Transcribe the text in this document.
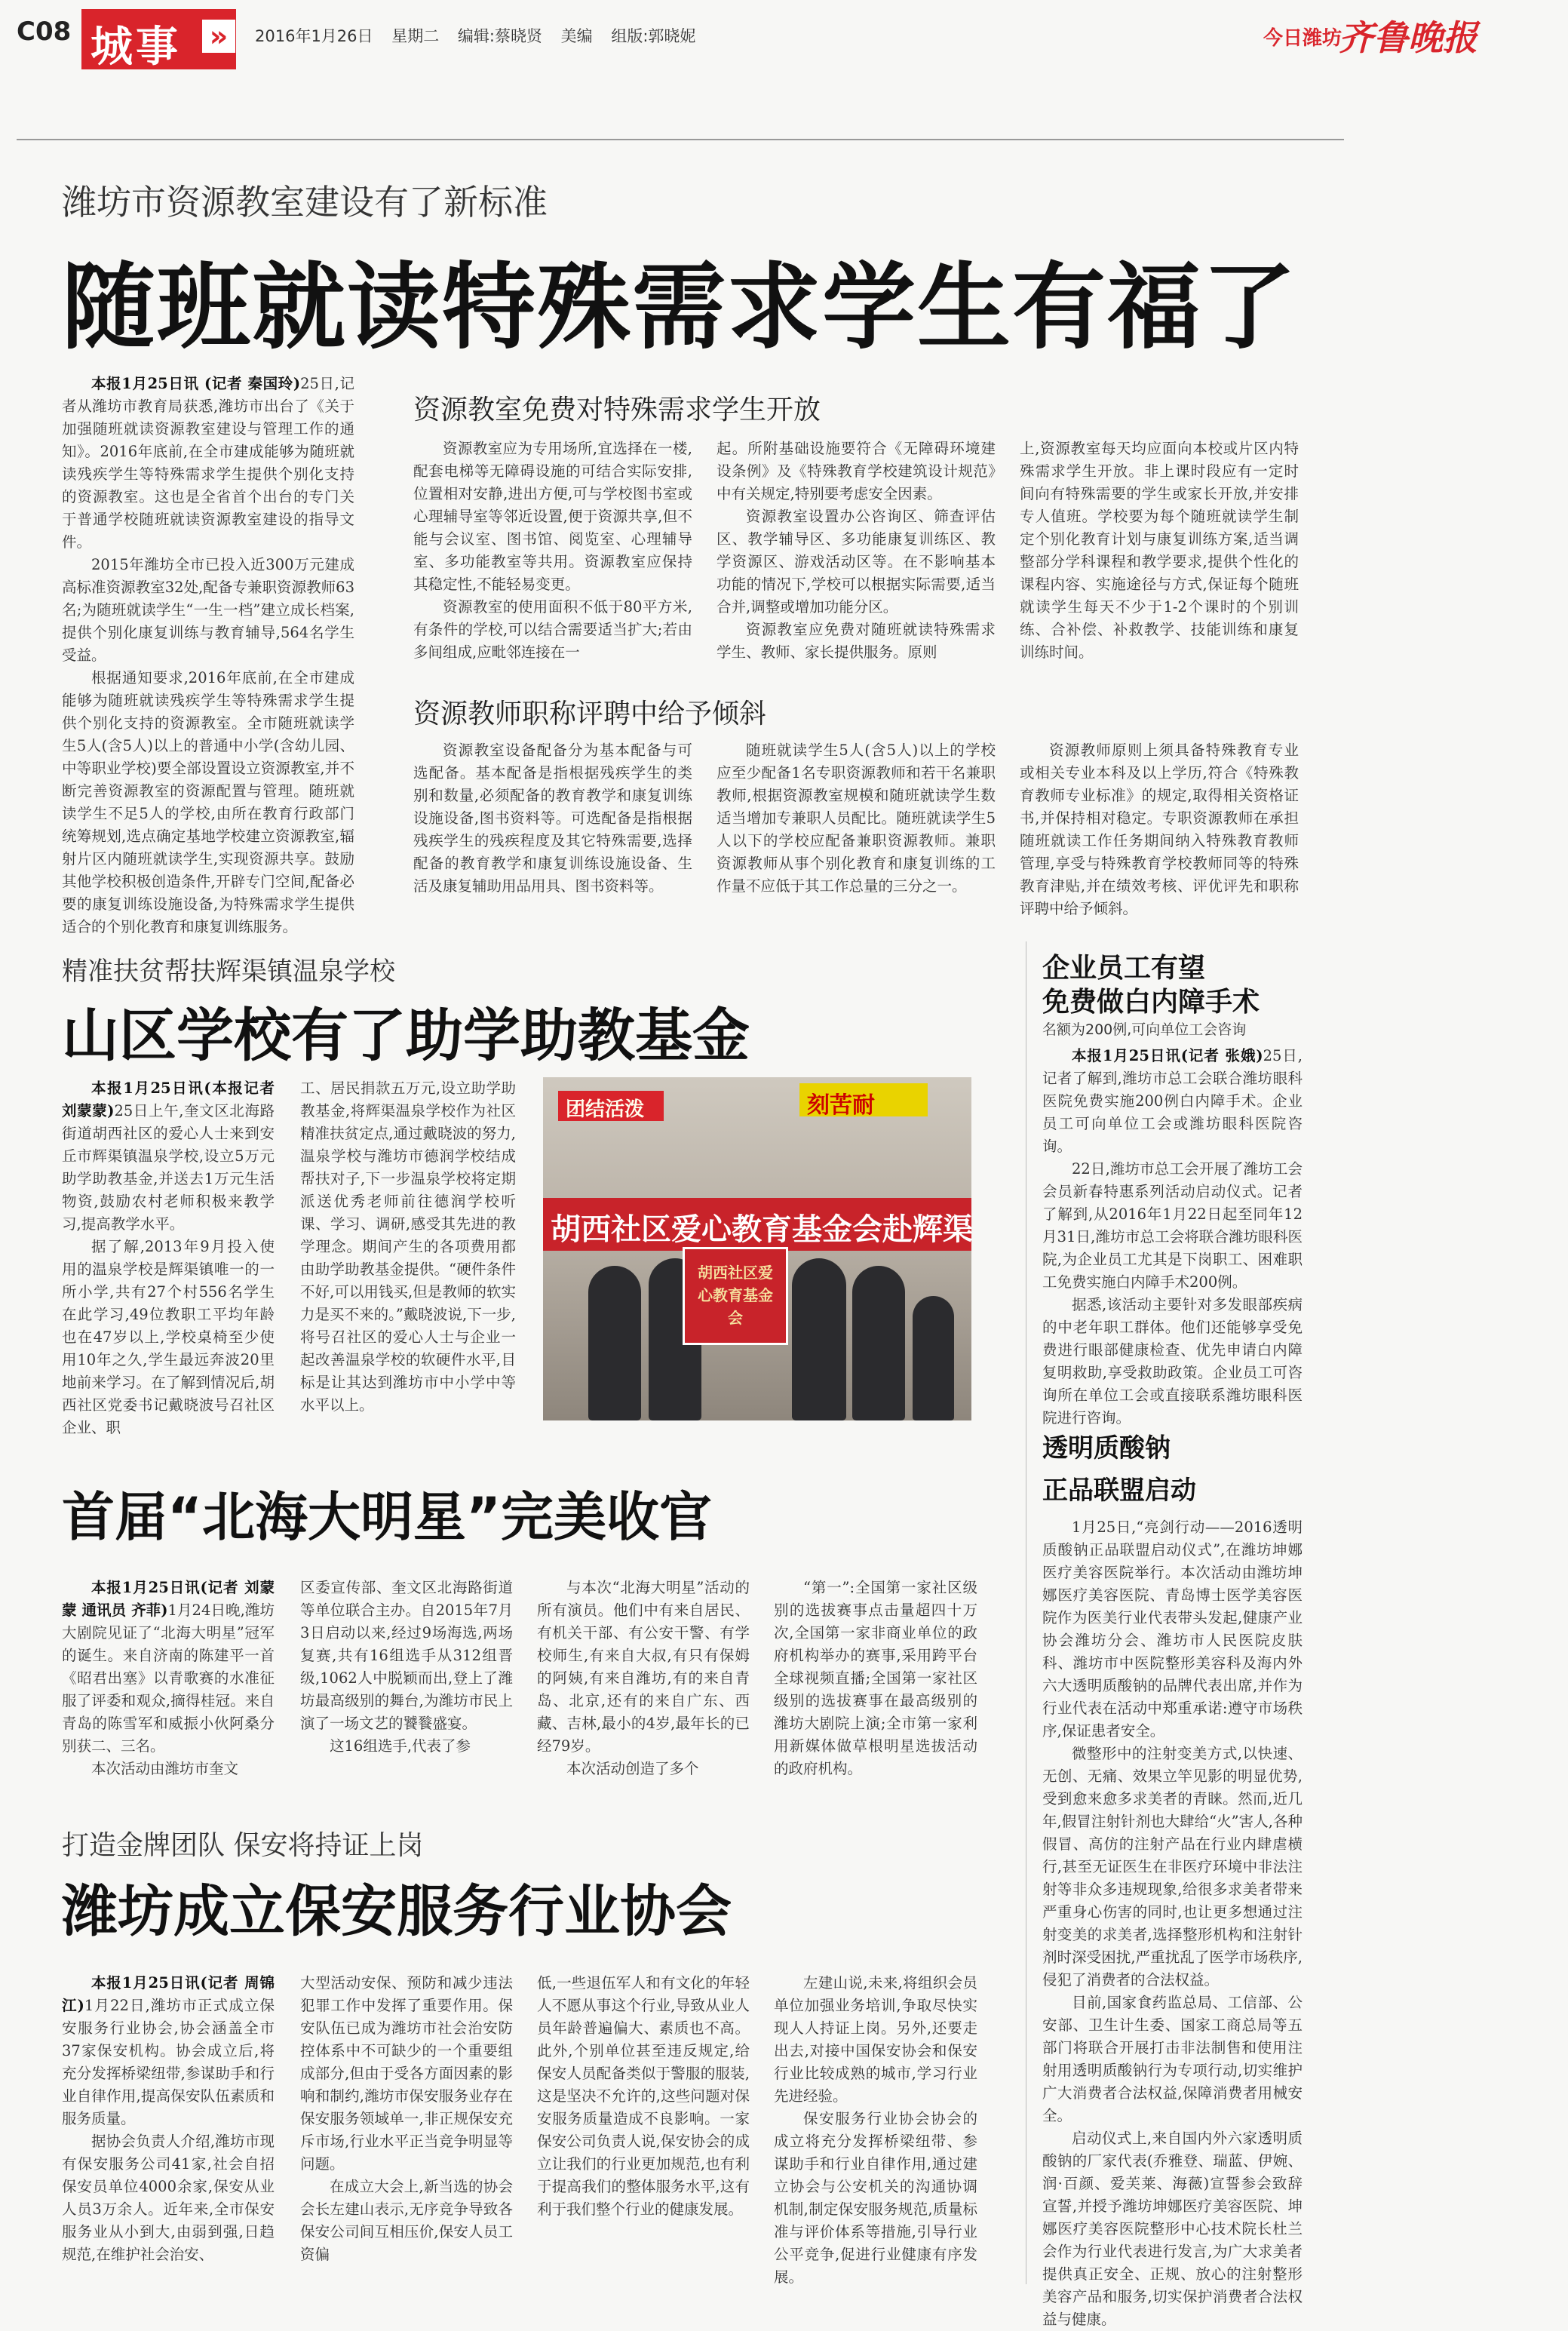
C08 城事 »	2016年1月26日 星期二 编辑:蔡晓贤 美编 组版:郭晓妮	今日潍坊
齐鲁晚报
潍坊市资源教室建设有了新标准
随班就读特殊需求学生有福了

本报1月25日讯 (记者 秦国玲)25日,记者从潍坊市教育局获悉,潍坊市出台了《关于加强随班就读资源教室建设与管理工作的通知》。2016年底前,在全市建成能够为随班就读残疾学生等特殊需求学生提供个别化支持的资源教室。这也是全省首个出台的专门关于普通学校随班就读资源教室建设的指导文件。

2015年潍坊全市已投入近300万元建成高标准资源教室32处,配备专兼职资源教师63名;为随班就读学生“一生一档”建立成长档案,提供个别化康复训练与教育辅导,564名学生受益。

根据通知要求,2016年底前,在全市建成能够为随班就读残疾学生等特殊需求学生提供个别化支持的资源教室。全市随班就读学生5人(含5人)以上的普通中小学(含幼儿园、中等职业学校)要全部设置设立资源教室,并不断完善资源教室的资源配置与管理。随班就读学生不足5人的学校,由所在教育行政部门统筹规划,选点确定基地学校建立资源教室,辐射片区内随班就读学生,实现资源共享。鼓励其他学校积极创造条件,开辟专门空间,配备必要的康复训练设施设备,为特殊需求学生提供适合的个别化教育和康复训练服务。

资源教室免费对特殊需求学生开放

资源教室应为专用场所,宜选择在一楼,配套电梯等无障碍设施的可结合实际安排,位置相对安静,进出方便,可与学校图书室或心理辅导室等邻近设置,便于资源共享,但不能与会议室、图书馆、阅览室、心理辅导室、多功能教室等共用。资源教室应保持其稳定性,不能轻易变更。

资源教室的使用面积不低于80平方米,有条件的学校,可以结合需要适当扩大;若由多间组成,应毗邻连接在一

起。所附基础设施要符合《无障碍环境建设条例》及《特殊教育学校建筑设计规范》中有关规定,特别要考虑安全因素。

资源教室设置办公咨询区、筛查评估区、教学辅导区、多功能康复训练区、教学资源区、游戏活动区等。在不影响基本功能的情况下,学校可以根据实际需要,适当合并,调整或增加功能分区。

资源教室应免费对随班就读特殊需求学生、教师、家长提供服务。原则

上,资源教室每天均应面向本校或片区内特殊需求学生开放。非上课时段应有一定时间向有特殊需要的学生或家长开放,并安排专人值班。学校要为每个随班就读学生制定个别化教育计划与康复训练方案,适当调整部分学科课程和教学要求,提供个性化的课程内容、实施途径与方式,保证每个随班就读学生每天不少于1-2个课时的个别训练、合补偿、补救教学、技能训练和康复训练时间。

资源教师职称评聘中给予倾斜

资源教室设备配备分为基本配备与可选配备。基本配备是指根据残疾学生的类别和数量,必须配备的教育教学和康复训练设施设备,图书资料等。可选配备是指根据残疾学生的残疾程度及其它特殊需要,选择配备的教育教学和康复训练设施设备、生活及康复辅助用品用具、图书资料等。

随班就读学生5人(含5人)以上的学校应至少配备1名专职资源教师和若干名兼职教师,根据资源教室规模和随班就读学生数适当增加专兼职人员配比。随班就读学生5人以下的学校应配备兼职资源教师。兼职资源教师从事个别化教育和康复训练的工作量不应低于其工作总量的三分之一。

资源教师原则上须具备特殊教育专业或相关专业本科及以上学历,符合《特殊教育教师专业标准》的规定,取得相关资格证书,并保持相对稳定。专职资源教师在承担随班就读工作任务期间纳入特殊教育教师管理,享受与特殊教育学校教师同等的特殊教育津贴,并在绩效考核、评优评先和职称评聘中给予倾斜。

精准扶贫帮扶辉渠镇温泉学校
山区学校有了助学助教基金

本报1月25日讯(本报记者 刘蒙蒙)25日上午,奎文区北海路街道胡西社区的爱心人士来到安丘市辉渠镇温泉学校,设立5万元助学助教基金,并送去1万元生活物资,鼓励农村老师积极来教学习,提高教学水平。

据了解,2013年9月投入使用的温泉学校是辉渠镇唯一的一所小学,共有27个村556名学生在此学习,49位教职工平均年龄也在47岁以上,学校桌椅至少使用10年之久,学生最远奔波20里地前来学习。在了解到情况后,胡西社区党委书记戴晓波号召社区企业、职

工、居民捐款五万元,设立助学助教基金,将辉渠温泉学校作为社区精准扶贫定点,通过戴晓波的努力,温泉学校与潍坊市德润学校结成帮扶对子,下一步温泉学校将定期派送优秀老师前往德润学校听课、学习、调研,感受其先进的教学理念。期间产生的各项费用都由助学助教基金提供。“硬件条件不好,可以用钱买,但是教师的软实力是买不来的。”戴晓波说,下一步,将号召社区的爱心人士与企业一起改善温泉学校的软硬件水平,目标是让其达到潍坊市中小学中等水平以上。

团结活泼	刻苦耐
胡西社区爱心教育基金会赴辉渠
胡西社区爱心教育基金会
首届“北海大明星”完美收官

本报1月25日讯(记者 刘蒙蒙 通讯员 齐菲)1月24日晚,潍坊大剧院见证了“北海大明星”冠军的诞生。来自济南的陈建平一首《昭君出塞》以青歌赛的水准征服了评委和观众,摘得桂冠。来自青岛的陈雪军和威振小伙阿桑分别获二、三名。

本次活动由潍坊市奎文

区委宣传部、奎文区北海路街道等单位联合主办。自2015年7月3日启动以来,经过9场海选,两场复赛,共有16组选手从312组晋级,1062人中脱颖而出,登上了潍坊最高级别的舞台,为潍坊市民上演了一场文艺的饕餮盛宴。

这16组选手,代表了参

与本次“北海大明星”活动的所有演员。他们中有来自居民、有机关干部、有公安干警、有学校师生,有来自大叔,有只有保姆的阿姨,有来自潍坊,有的来自青岛、北京,还有的来自广东、西藏、吉林,最小的4岁,最年长的已经79岁。

本次活动创造了多个

“第一”:全国第一家社区级别的选拔赛事点击量超四十万次,全国第一家非商业单位的政府机构举办的赛事,采用跨平台全球视频直播;全国第一家社区级别的选拔赛事在最高级别的潍坊大剧院上演;全市第一家利用新媒体做草根明星选拔活动的政府机构。

打造金牌团队 保安将持证上岗
潍坊成立保安服务行业协会

本报1月25日讯(记者 周锦江)1月22日,潍坊市正式成立保安服务行业协会,协会涵盖全市37家保安机构。协会成立后,将充分发挥桥梁纽带,参谋助手和行业自律作用,提高保安队伍素质和服务质量。

据协会负责人介绍,潍坊市现有保安服务公司41家,社会自招保安员单位4000余家,保安从业人员3万余人。近年来,全市保安服务业从小到大,由弱到强,日趋规范,在维护社会治安、

大型活动安保、预防和减少违法犯罪工作中发挥了重要作用。保安队伍已成为潍坊市社会治安防控体系中不可缺少的一个重要组成部分,但由于受各方面因素的影响和制约,潍坊市保安服务业存在保安服务领域单一,非正规保安充斥市场,行业水平正当竞争明显等问题。

在成立大会上,新当选的协会会长左建山表示,无序竞争导致各保安公司间互相压价,保安人员工资偏

低,一些退伍军人和有文化的年轻人不愿从事这个行业,导致从业人员年龄普遍偏大、素质也不高。此外,个别单位甚至违反规定,给保安人员配备类似于警服的服装,这是坚决不允许的,这些问题对保安服务质量造成不良影响。一家保安公司负责人说,保安协会的成立让我们的行业更加规范,也有利于提高我们的整体服务水平,这有利于我们整个行业的健康发展。

左建山说,未来,将组织会员单位加强业务培训,争取尽快实现人人持证上岗。另外,还要走出去,对接中国保安协会和保安行业比较成熟的城市,学习行业先进经验。

保安服务行业协会协会的成立将充分发挥桥梁纽带、参谋助手和行业自律作用,通过建立协会与公安机关的沟通协调机制,制定保安服务规范,质量标准与评价体系等措施,引导行业公平竞争,促进行业健康有序发展。

企业员工有望
免费做白内障手术
名额为200例,可向单位工会咨询

本报1月25日讯(记者 张娥)25日,记者了解到,潍坊市总工会联合潍坊眼科医院免费实施200例白内障手术。企业员工可向单位工会或潍坊眼科医院咨询。

22日,潍坊市总工会开展了潍坊工会会员新春特惠系列活动启动仪式。记者了解到,从2016年1月22日起至同年12月31日,潍坊市总工会将联合潍坊眼科医院,为企业员工尤其是下岗职工、困难职工免费实施白内障手术200例。

据悉,该活动主要针对多发眼部疾病的中老年职工群体。他们还能够享受免费进行眼部健康检查、优先申请白内障复明救助,享受救助政策。企业员工可咨询所在单位工会或直接联系潍坊眼科医院进行咨询。

透明质酸钠
正品联盟启动

1月25日,“亮剑行动——2016透明质酸钠正品联盟启动仪式”,在潍坊坤娜医疗美容医院举行。本次活动由潍坊坤娜医疗美容医院、青岛博士医学美容医院作为医美行业代表带头发起,健康产业协会潍坊分会、潍坊市人民医院皮肤科、潍坊市中医院整形美容科及海内外六大透明质酸钠的品牌代表出席,并作为行业代表在活动中郑重承诺:遵守市场秩序,保证患者安全。

微整形中的注射变美方式,以快速、无创、无痛、效果立竿见影的明显优势,受到愈来愈多求美者的青睐。然而,近几年,假冒注射针剂也大肆给“火”害人,各种假冒、高仿的注射产品在行业内肆虐横行,甚至无证医生在非医疗环境中非法注射等非众多违规现象,给很多求美者带来严重身心伤害的同时,也让更多想通过注射变美的求美者,选择整形机构和注射针剂时深受困扰,严重扰乱了医学市场秩序,侵犯了消费者的合法权益。

目前,国家食药监总局、工信部、公安部、卫生计生委、国家工商总局等五部门将联合开展打击非法制售和使用注射用透明质酸钠行为专项行动,切实维护广大消费者合法权益,保障消费者用械安全。

启动仪式上,来自国内外六家透明质酸钠的厂家代表(乔雅登、瑞蓝、伊婉、润·百颜、爱芙莱、海薇)宣誓参会致辞宣誓,并授予潍坊坤娜医疗美容医院、坤娜医疗美容医院整形中心技术院长杜兰会作为行业代表进行发言,为广大求美者提供真正安全、正规、放心的注射整形美容产品和服务,切实保护消费者合法权益与健康。
